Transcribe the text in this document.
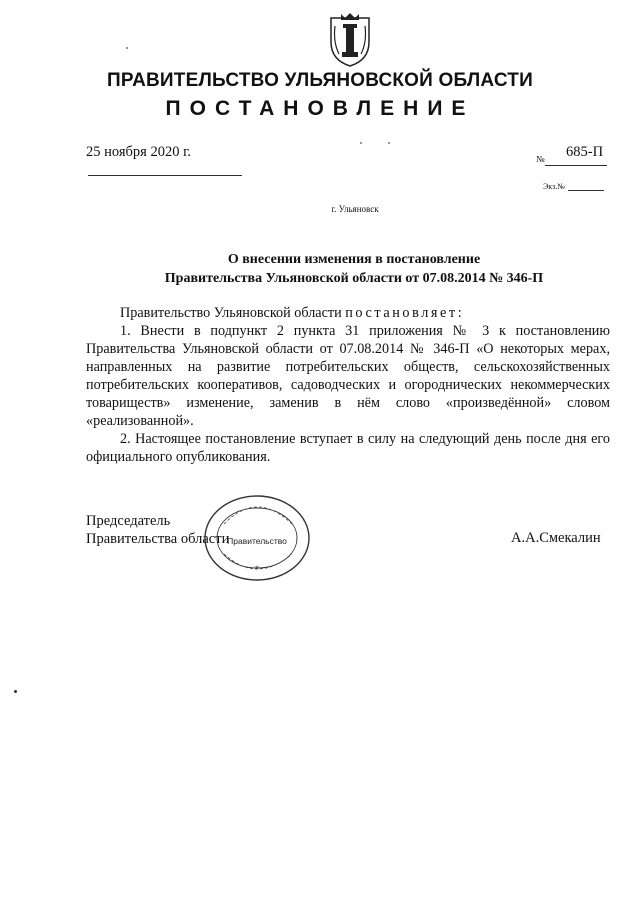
ПРАВИТЕЛЬСТВО УЛЬЯНОВСКОЙ ОБЛАСТИ
ПОСТАНОВЛЕНИЕ
25 ноября 2020 г.	№ 685-П
Экз.№
г. Ульяновск
О внесении изменения в постановление
Правительства Ульяновской области от 07.08.2014 № 346-П

Правительство Ульяновской области постановляет:

1. Внести в подпункт 2 пункта 31 приложения № 3 к постановлению Правительства Ульяновской области от 07.08.2014 № 346-П «О некоторых мерах, направленных на развитие потребительских обществ, сельскохозяйственных потребительских кооперативов, садоводческих и огороднических некоммерческих товариществ» изменение, заменив в нём слово «произведённой» словом «реализованной».

2. Настоящее постановление вступает в силу на следующий день после дня его официального опубликования.

Председатель
Правительства области	А.А.Смекалин
Правительство
*
